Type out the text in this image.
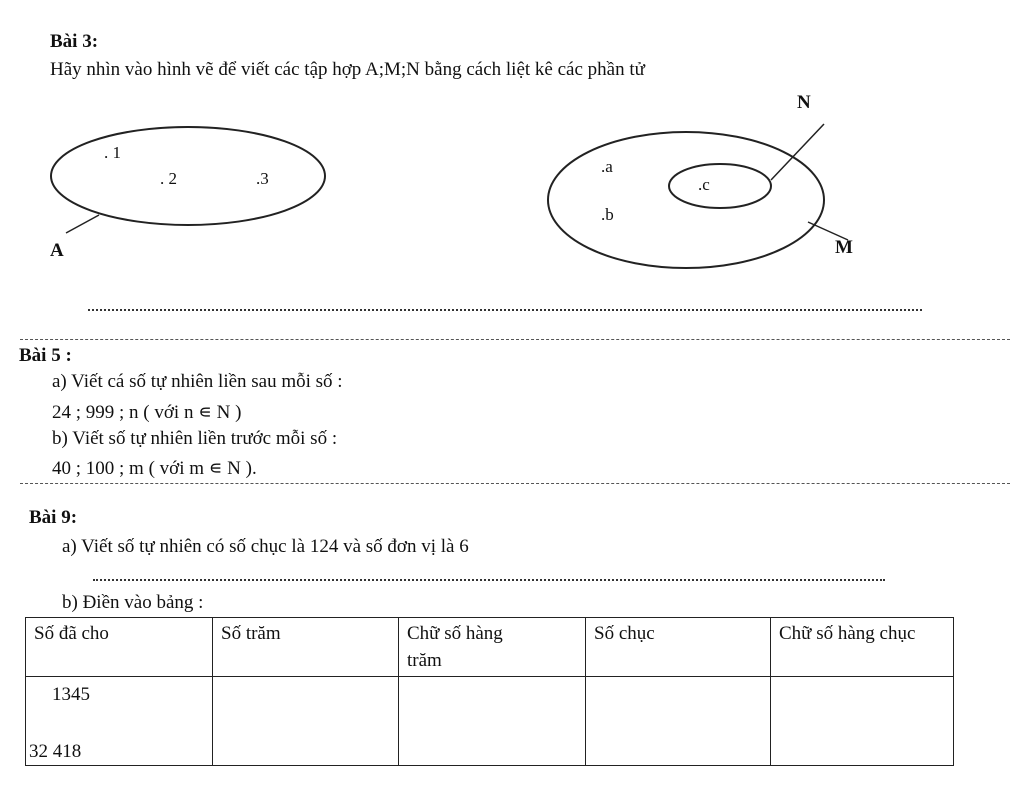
Bài 3:
Hãy nhìn vào hình vẽ để viết các tập hợp A;M;N bằng cách liệt kê các phần tử
A
. 1
. 2	.3
M
.a
.b
N
.c
Bài 5 :
a) Viết cá số tự nhiên liền sau mỗi số :
24 ; 999 ; n ( với n ∊ N )
b) Viết số tự nhiên liền trước mỗi số :
40 ; 100 ; m ( với m ∊ N ).
Bài 9:
a) Viết số tự nhiên có số chục là 124 và số đơn vị là 6
b) Điền vào bảng :
Số đã cho	Số trăm	Chữ số hàng trăm	Số chục	Chữ số hàng chục

1345
32 418				
